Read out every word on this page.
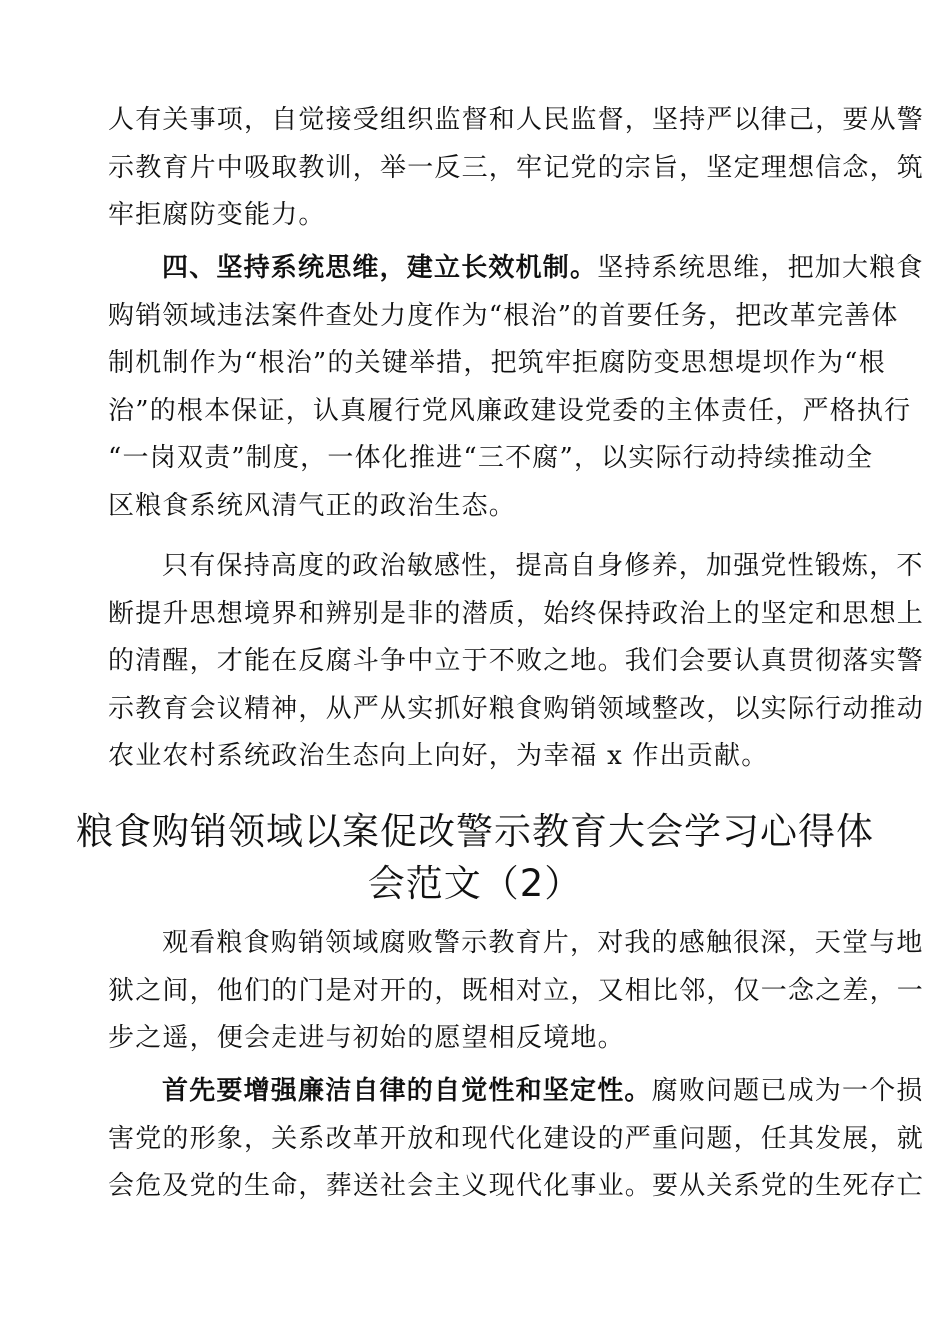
人有关事项，自觉接受组织监督和人民监督，坚持严以律己，要从警
示教育片中吸取教训，举一反三，牢记党的宗旨，坚定理想信念，筑
牢拒腐防变能力。
四、坚持系统思维，建立长效机制。坚持系统思维，把加大粮食
购销领域违法案件查处力度作为“根治”的首要任务，把改革完善体
制机制作为“根治”的关键举措，把筑牢拒腐防变思想堤坝作为“根
治”的根本保证，认真履行党风廉政建设党委的主体责任，严格执行
“一岗双责”制度，一体化推进“三不腐”，以实际行动持续推动全
区粮食系统风清气正的政治生态。
只有保持高度的政治敏感性，提高自身修养，加强党性锻炼，不
断提升思想境界和辨别是非的潜质，始终保持政治上的坚定和思想上
的清醒，才能在反腐斗争中立于不败之地。我们会要认真贯彻落实警
示教育会议精神，从严从实抓好粮食购销领域整改，以实际行动推动
农业农村系统政治生态向上向好，为幸福 x 作出贡献。
粮食购销领域以案促改警示教育大会学习心得体
会范文（2）
观看粮食购销领域腐败警示教育片，对我的感触很深，天堂与地
狱之间，他们的门是对开的，既相对立，又相比邻，仅一念之差，一
步之遥，便会走进与初始的愿望相反境地。
首先要增强廉洁自律的自觉性和坚定性。腐败问题已成为一个损
害党的形象，关系改革开放和现代化建设的严重问题，任其发展，就
会危及党的生命，葬送社会主义现代化事业。要从关系党的生死存亡
